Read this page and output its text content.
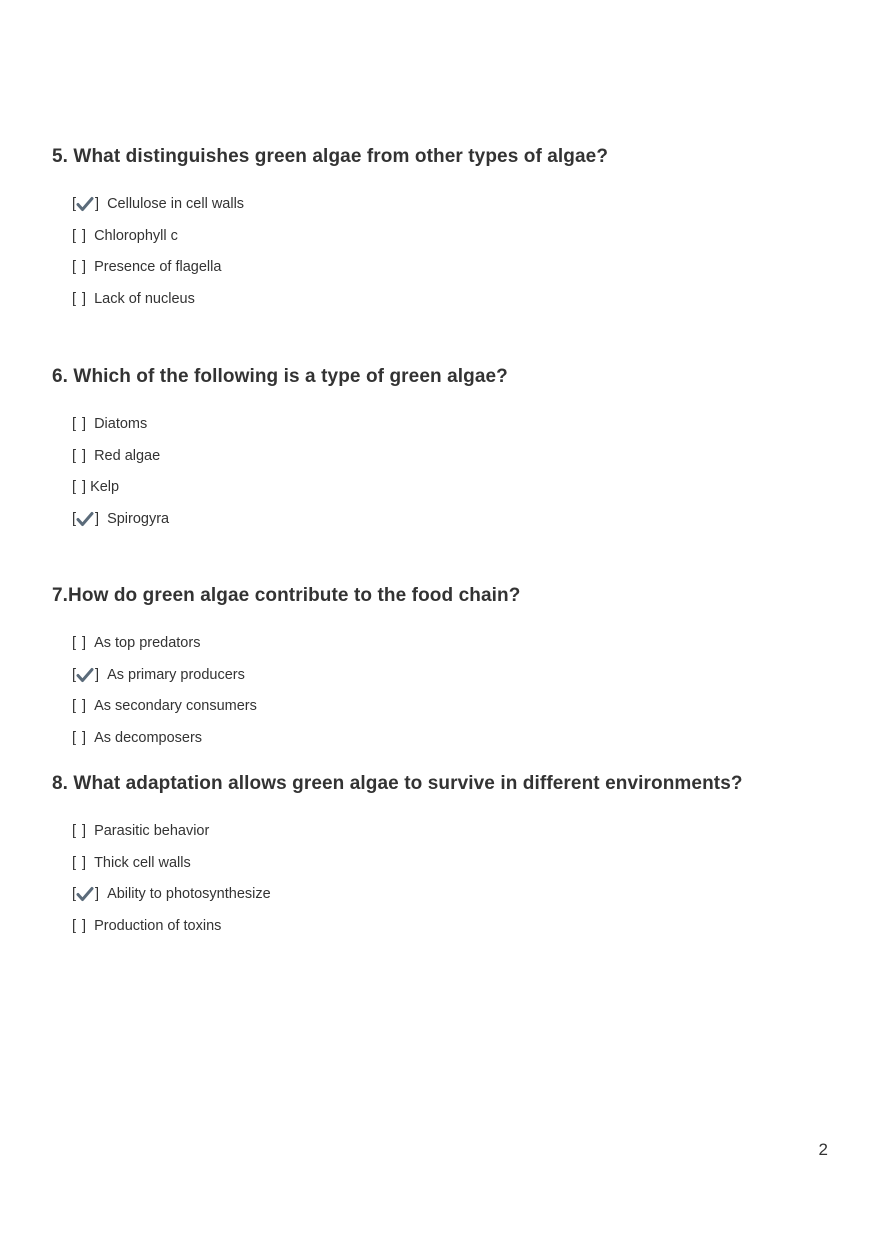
5. What distinguishes green algae from other types of algae?
[ ] Cellulose in cell walls
[ ] Chlorophyll c
[ ] Presence of flagella
[ ] Lack of nucleus
6. Which of the following is a type of green algae?
[ ] Diatoms
[ ] Red algae
[ ] Kelp
[ ] Spirogyra
7.How do green algae contribute to the food chain?
[ ] As top predators
[ ] As primary producers
[ ] As secondary consumers
[ ] As decomposers
8. What adaptation allows green algae to survive in different environments?
[ ] Parasitic behavior
[ ] Thick cell walls
[ ] Ability to photosynthesize
[ ] Production of toxins
2
